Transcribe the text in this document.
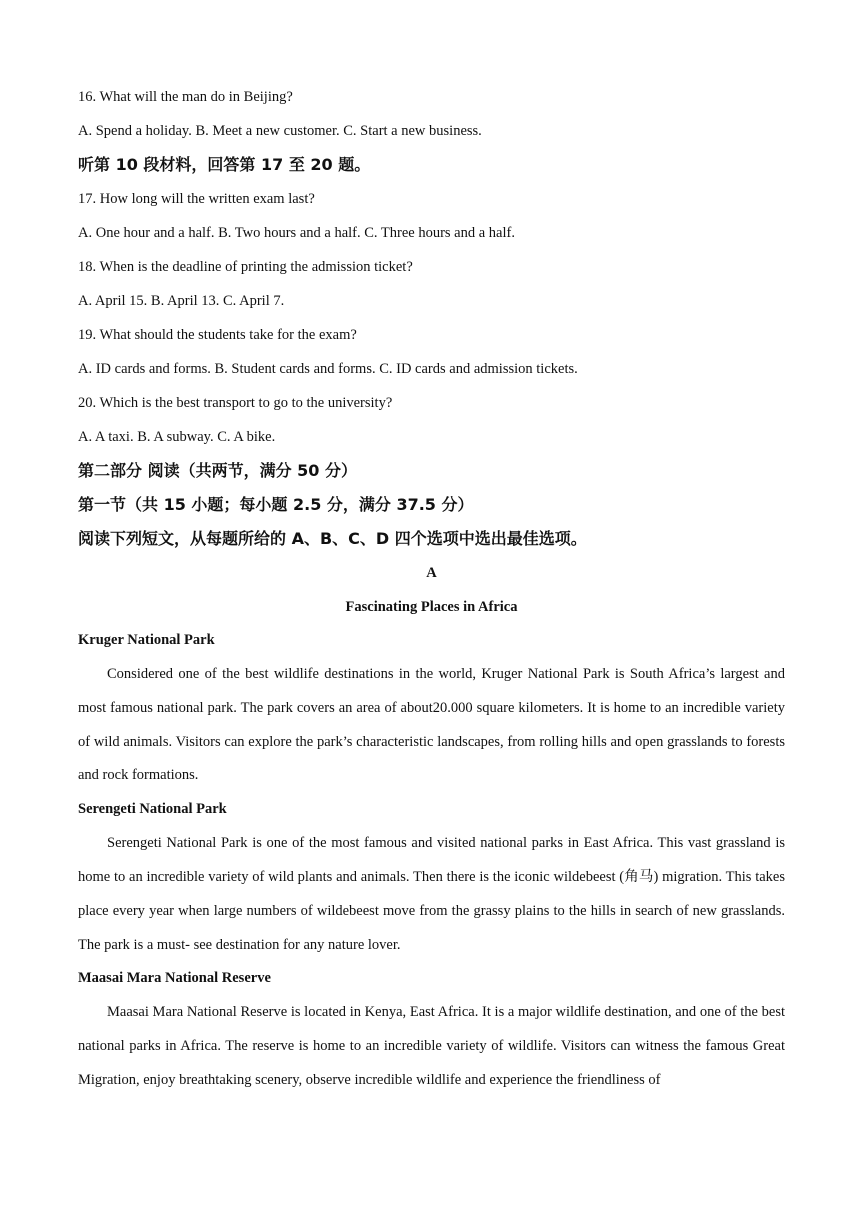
16. What will the man do in Beijing?
A. Spend a holiday. B. Meet a new customer. C. Start a new business.
听第 10 段材料，回答第 17 至 20 题。
17. How long will the written exam last?
A. One hour and a half. B. Two hours and a half. C. Three hours and a half.
18. When is the deadline of printing the admission ticket?
A. April 15. B. April 13. C. April 7.
19. What should the students take for the exam?
A. ID cards and forms. B. Student cards and forms. C. ID cards and admission tickets.
20. Which is the best transport to go to the university?
A. A taxi. B. A subway. C. A bike.
第二部分 阅读（共两节，满分 50 分）
第一节（共 15 小题；每小题 2.5 分，满分 37.5 分）
阅读下列短文，从每题所给的 A、B、C、D 四个选项中选出最佳选项。
A
Fascinating Places in Africa
Kruger National Park

Considered one of the best wildlife destinations in the world, Kruger National Park is South Africa’s largest and most famous national park. The park covers an area of about20.000 square kilometers. It is home to an incredible variety of wild animals. Visitors can explore the park’s characteristic landscapes, from rolling hills and open grasslands to forests and rock formations.

Serengeti National Park

Serengeti National Park is one of the most famous and visited national parks in East Africa. This vast grassland is home to an incredible variety of wild plants and animals. Then there is the iconic wildebeest (角马) migration. This takes place every year when large numbers of wildebeest move from the grassy plains to the hills in search of new grasslands. The park is a must- see destination for any nature lover.

Maasai Mara National Reserve

Maasai Mara National Reserve is located in Kenya, East Africa. It is a major wildlife destination, and one of the best national parks in Africa. The reserve is home to an incredible variety of wildlife. Visitors can witness the famous Great Migration, enjoy breathtaking scenery, observe incredible wildlife and experience the friendliness of
